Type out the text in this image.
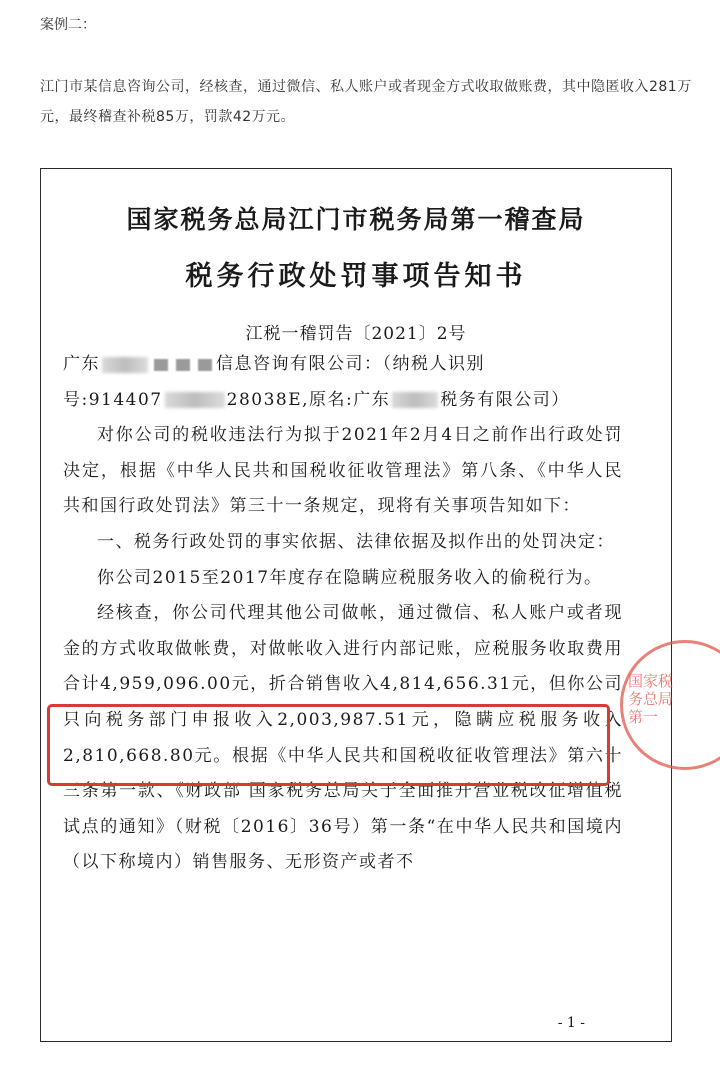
案例二：
江门市某信息咨询公司，经核查，通过微信、私人账户或者现金方式收取做账费，其中隐匿收入281万元，最终稽查补税85万，罚款42万元。
国家税务总局江门市税务局第一稽查局
税务行政处罚事项告知书
江税一稽罚告〔2021〕2号

广东	信息咨询有限公司：（纳税人识别

号:914407	28038E,原名:广东	税务有限公司）

对你公司的税收违法行为拟于2021年2月4日之前作出行政处罚决定，根据《中华人民共和国税收征收管理法》第八条、《中华人民共和国行政处罚法》第三十一条规定，现将有关事项告知如下：

一、税务行政处罚的事实依据、法律依据及拟作出的处罚决定：

你公司2015至2017年度存在隐瞒应税服务收入的偷税行为。

经核查，你公司代理其他公司做帐，通过微信、私人账户或者现金的方式收取做帐费，对做帐收入进行内部记账，应税服务收取费用合计4,959,096.00元，折合销售收入4,814,656.31元，但你公司只向税务部门申报收入2,003,987.51元，隐瞒应税服务收入2,810,668.80元。根据《中华人民共和国税收征收管理法》第六十三条第一款、《财政部 国家税务总局关于全面推开营业税改征增值税试点的通知》（财税〔2016〕36号）第一条“在中华人民共和国境内（以下称境内）销售服务、无形资产或者不

- 1 -
国家税务总局 第一
